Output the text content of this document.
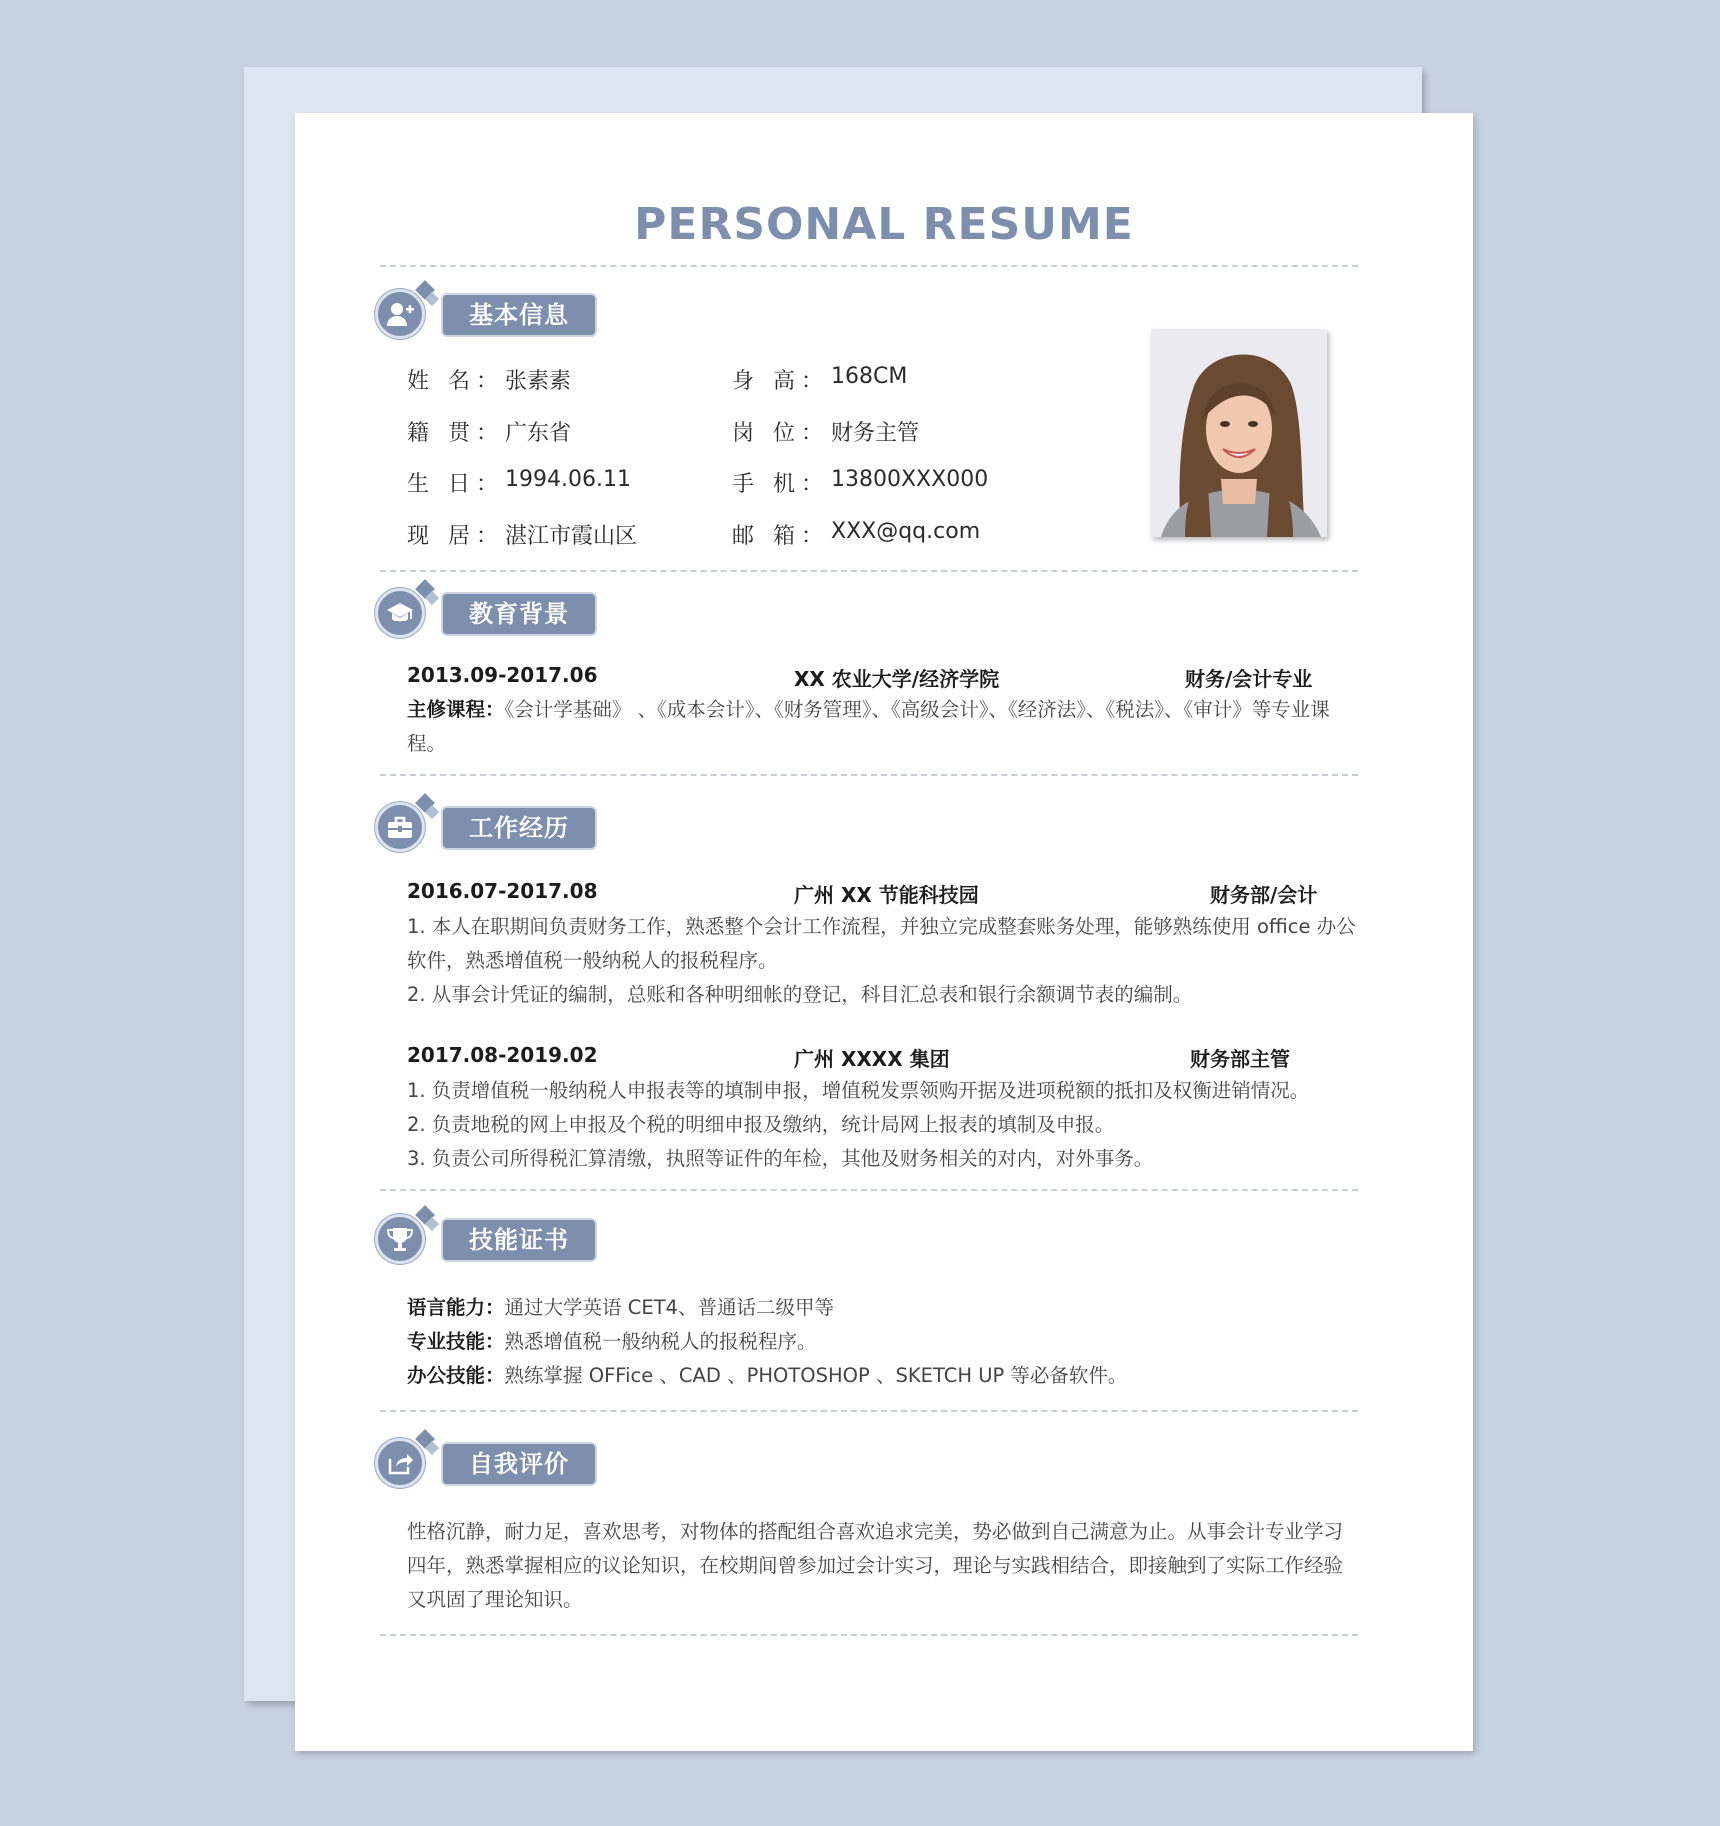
PERSONAL RESUME
基本信息
姓 名： 张素素	身 高： 168CM
籍 贯： 广东省	岗 位： 财务主管
生 日： 1994.06.11	手 机： 13800XXX000
现 居： 湛江市霞山区	邮 箱： XXX@qq.com
教育背景
2013.09-2017.06	XX 农业大学/经济学院	财务/会计专业

主修课程：《会计学基础》 、《成本会计》、《财务管理》、《高级会计》、《经济法》、《税法》、《审计》等专业课程。

工作经历
2016.07-2017.08	广州 XX 节能科技园	财务部/会计

1. 本人在职期间负责财务工作，熟悉整个会计工作流程，并独立完成整套账务处理，能够熟练使用 office 办公软件，熟悉增值税一般纳税人的报税程序。

2. 从事会计凭证的编制，总账和各种明细帐的登记，科目汇总表和银行余额调节表的编制。

2017.08-2019.02	广州 XXXX 集团	财务部主管

1. 负责增值税一般纳税人申报表等的填制申报，增值税发票领购开据及进项税额的抵扣及权衡进销情况。

2. 负责地税的网上申报及个税的明细申报及缴纳，统计局网上报表的填制及申报。

3. 负责公司所得税汇算清缴，执照等证件的年检，其他及财务相关的对内，对外事务。

技能证书

语言能力：通过大学英语 CET4、普通话二级甲等

专业技能：熟悉增值税一般纳税人的报税程序。

办公技能：熟练掌握 OFFice 、CAD 、PHOTOSHOP 、SKETCH UP 等必备软件。

自我评价

性格沉静，耐力足，喜欢思考，对物体的搭配组合喜欢追求完美，势必做到自己满意为止。从事会计专业学习四年，熟悉掌握相应的议论知识，在校期间曾参加过会计实习，理论与实践相结合，即接触到了实际工作经验又巩固了理论知识。
